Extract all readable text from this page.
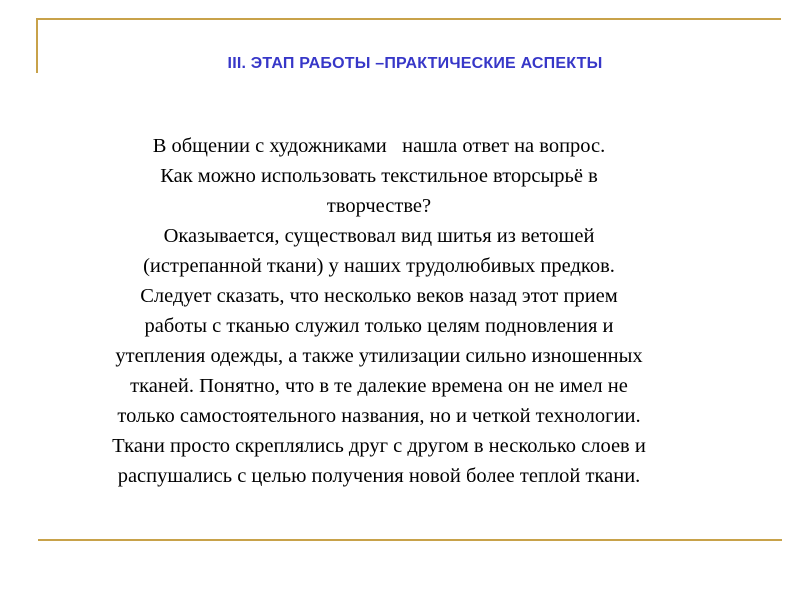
III. ЭТАП РАБОТЫ –ПРАКТИЧЕСКИЕ АСПЕКТЫ
В общении с художниками   нашла ответ на вопрос.
Как можно использовать текстильное вторсырьё в
творчестве?
Оказывается, существовал вид шитья из ветошей
(истрепанной ткани) у наших трудолюбивых предков.
Следует сказать, что несколько веков назад этот прием
работы с тканью служил только целям подновления и
утепления одежды, а также утилизации сильно изношенных
тканей. Понятно, что в те далекие времена он не имел не
только самостоятельного названия, но и четкой технологии.
Ткани просто скреплялись друг с другом в несколько слоев и
распушались с целью получения новой более теплой ткани.
